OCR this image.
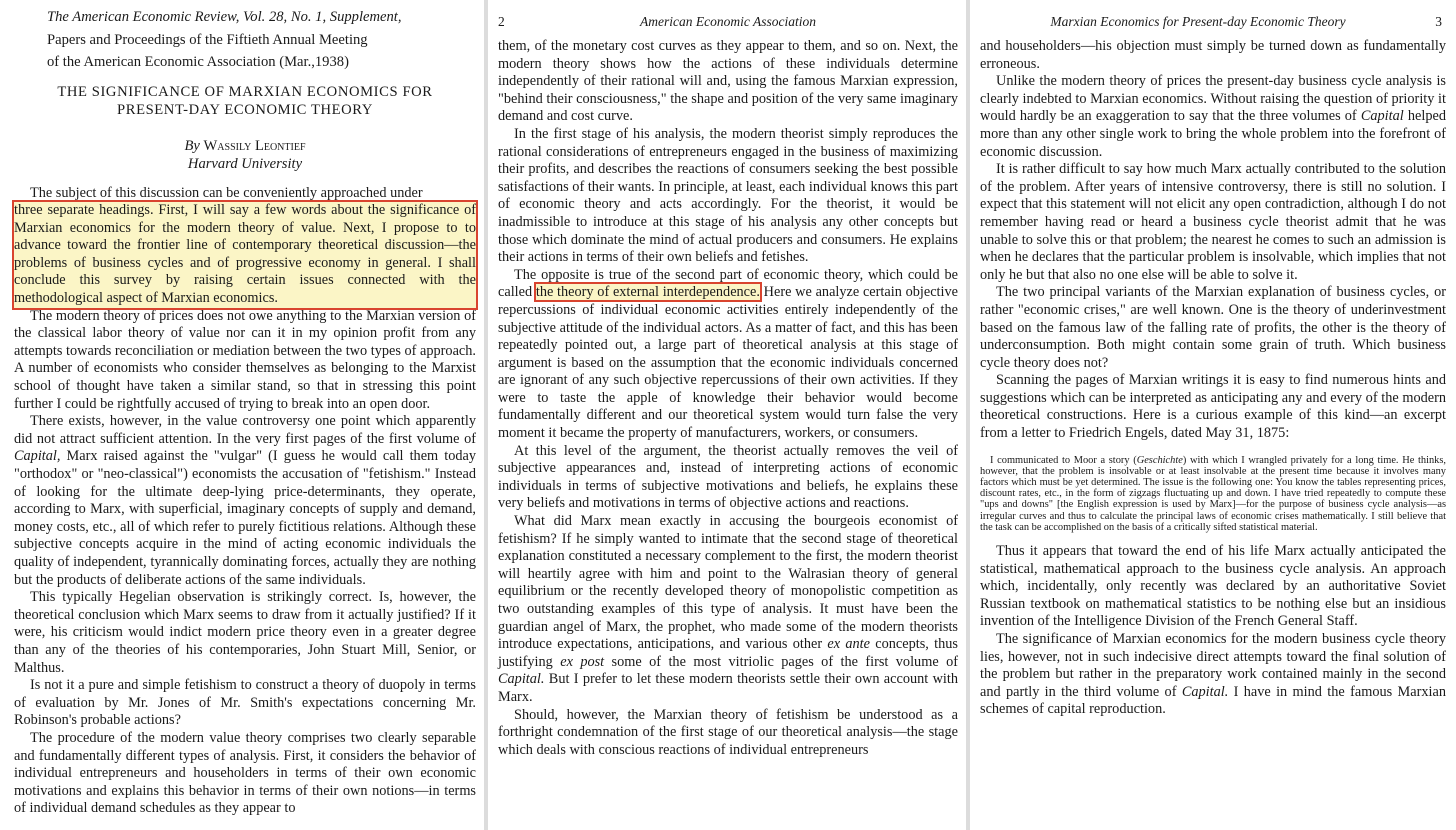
The American Economic Review, Vol. 28, No. 1, Supplement,
Papers and Proceedings of the Fiftieth Annual Meeting
of the American Economic Association (Mar.,1938)
THE SIGNIFICANCE OF MARXIAN ECONOMICS FOR
PRESENT-DAY ECONOMIC THEORY
By Wassily Leontief
Harvard University

The subject of this discussion can be conveniently approached under
three separate headings. First, I will say a few words about the significance of Marxian economics for the modern theory of value. Next, I propose to to advance toward the frontier line of contemporary theoretical discussion—the problems of business cycles and of progressive economy in general. I shall conclude this survey by raising certain issues connected with the methodological aspect of Marxian economics.

The modern theory of prices does not owe anything to the Marxian version of the classical labor theory of value nor can it in my opinion profit from any attempts towards reconciliation or mediation between the two types of approach. A number of economists who consider themselves as belonging to the Marxist school of thought have taken a similar stand, so that in stressing this point further I could be rightfully accused of trying to break into an open door.

There exists, however, in the value controversy one point which apparently did not attract sufficient attention. In the very first pages of the first volume of Capital, Marx raised against the "vulgar" (I guess he would call them today "orthodox" or "neo-classical") economists the accusation of "fetishism." Instead of looking for the ultimate deep-lying price-determinants, they operate, according to Marx, with superficial, imaginary concepts of supply and demand, money costs, etc., all of which refer to purely fictitious relations. Although these subjective concepts acquire in the mind of acting economic individuals the quality of independent, tyrannically dominating forces, actually they are nothing but the products of deliberate actions of the same individuals.

This typically Hegelian observation is strikingly correct. Is, however, the theoretical conclusion which Marx seems to draw from it actually justified? If it were, his criticism would indict modern price theory even in a greater degree than any of the theories of his contemporaries, John Stuart Mill, Senior, or Malthus.

Is not it a pure and simple fetishism to construct a theory of duopoly in terms of evaluation by Mr. Jones of Mr. Smith's expectations concerning Mr. Robinson's probable actions?

The procedure of the modern value theory comprises two clearly separable and fundamentally different types of analysis. First, it considers the behavior of individual entrepreneurs and householders in terms of their own economic motivations and explains this behavior in terms of their own notions—in terms of individual demand schedules as they appear to

2	American Economic Association

them, of the monetary cost curves as they appear to them, and so on. Next, the modern theory shows how the actions of these individuals determine independently of their rational will and, using the famous Marxian expression, "behind their consciousness," the shape and position of the very same imaginary demand and cost curve.

In the first stage of his analysis, the modern theorist simply reproduces the rational considerations of entrepreneurs engaged in the business of maximizing their profits, and describes the reactions of consumers seeking the best possible satisfactions of their wants. In principle, at least, each individual knows this part of economic theory and acts accordingly. For the theorist, it would be inadmissible to introduce at this stage of his analysis any other concepts but those which dominate the mind of actual producers and consumers. He explains their actions in terms of their own beliefs and fetishes.

The opposite is true of the second part of economic theory, which could be called the theory of external interdependence. Here we analyze certain objective repercussions of individual economic activities entirely independently of the subjective attitude of the individual actors. As a matter of fact, and this has been repeatedly pointed out, a large part of theoretical analysis at this stage of argument is based on the assumption that the economic individuals concerned are ignorant of any such objective repercussions of their own activities. If they were to taste the apple of knowledge their behavior would become fundamentally different and our theoretical system would turn false the very moment it became the property of manufacturers, workers, or consumers.

At this level of the argument, the theorist actually removes the veil of subjective appearances and, instead of interpreting actions of economic individuals in terms of subjective motivations and beliefs, he explains these very beliefs and motivations in terms of objective actions and reactions.

What did Marx mean exactly in accusing the bourgeois economist of fetishism? If he simply wanted to intimate that the second stage of theoretical explanation constituted a necessary complement to the first, the modern theorist will heartily agree with him and point to the Walrasian theory of general equilibrium or the recently developed theory of monopolistic competition as two outstanding examples of this type of analysis. It must have been the guardian angel of Marx, the prophet, who made some of the modern theorists introduce expectations, anticipations, and various other ex ante concepts, thus justifying ex post some of the most vitriolic pages of the first volume of Capital. But I prefer to let these modern theorists settle their own account with Marx.

Should, however, the Marxian theory of fetishism be understood as a forthright condemnation of the first stage of our theoretical analysis—the stage which deals with conscious reactions of individual entrepreneurs

Marxian Economics for Present-day Economic Theory	3

and householders—his objection must simply be turned down as fundamentally erroneous.

Unlike the modern theory of prices the present-day business cycle analysis is clearly indebted to Marxian economics. Without raising the question of priority it would hardly be an exaggeration to say that the three volumes of Capital helped more than any other single work to bring the whole problem into the forefront of economic discussion.

It is rather difficult to say how much Marx actually contributed to the solution of the problem. After years of intensive controversy, there is still no solution. I expect that this statement will not elicit any open contradiction, although I do not remember having read or heard a business cycle theorist admit that he was unable to solve this or that problem; the nearest he comes to such an admission is when he declares that the particular problem is insolvable, which implies that not only he but that also no one else will be able to solve it.

The two principal variants of the Marxian explanation of business cycles, or rather "economic crises," are well known. One is the theory of underinvestment based on the famous law of the falling rate of profits, the other is the theory of underconsumption. Both might contain some grain of truth. Which business cycle theory does not?

Scanning the pages of Marxian writings it is easy to find numerous hints and suggestions which can be interpreted as anticipating any and every of the modern theoretical constructions. Here is a curious example of this kind—an excerpt from a letter to Friedrich Engels, dated May 31, 1875:

I communicated to Moor a story (Geschichte) with which I wrangled privately for a long time. He thinks, however, that the problem is insolvable or at least insolvable at the present time because it involves many factors which must be yet determined. The issue is the following one: You know the tables representing prices, discount rates, etc., in the form of zigzags fluctuating up and down. I have tried repeatedly to compute these "ups and downs" [the English expression is used by Marx]—for the purpose of business cycle analysis—as irregular curves and thus to calculate the principal laws of economic crises mathematically. I still believe that the task can be accomplished on the basis of a critically sifted statistical material.

Thus it appears that toward the end of his life Marx actually anticipated the statistical, mathematical approach to the business cycle analysis. An approach which, incidentally, only recently was declared by an authoritative Soviet Russian textbook on mathematical statistics to be nothing else but an insidious invention of the Intelligence Division of the French General Staff.

The significance of Marxian economics for the modern business cycle theory lies, however, not in such indecisive direct attempts toward the final solution of the problem but rather in the preparatory work contained mainly in the second and partly in the third volume of Capital. I have in mind the famous Marxian schemes of capital reproduction.
